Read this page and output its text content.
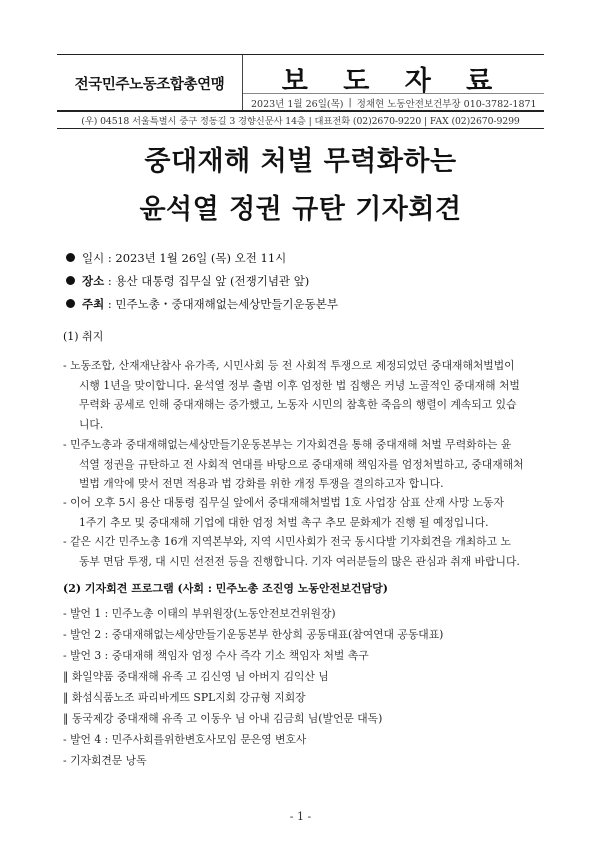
전국민주노동조합총연맹	보 도 자 료
2023년 1월 26일(목) | 정채현 노동안전보건부장 010-3782-1871
(우) 04518 서울특별시 중구 정동길 3 경향신문사 14층 | 대표전화 (02)2670-9220 | FAX (02)2670-9299
중대재해 처벌 무력화하는
윤석열 정권 규탄 기자회견
일시 : 2023년 1월 26일 (목) 오전 11시
장소 : 용산 대통령 집무실 앞 (전쟁기념관 앞)
주최 : 민주노총・중대재해없는세상만들기운동본부
(1) 취지
- 노동조합, 산재재난참사 유가족, 시민사회 등 전 사회적 투쟁으로 제정되었던 중대재해처벌법이
시행 1년을 맞이합니다. 윤석열 정부 출범 이후 엄정한 법 집행은 커녕 노골적인 중대재해 처벌
무력화 공세로 인해 중대재해는 증가했고, 노동자 시민의 참혹한 죽음의 행렬이 계속되고 있습
니다.
- 민주노총과 중대재해없는세상만들기운동본부는 기자회견을 통해 중대재해 처벌 무력화하는 윤
석열 정권을 규탄하고 전 사회적 연대를 바탕으로 중대재해 책임자를 엄정처벌하고, 중대재해처
벌법 개악에 맞서 전면 적용과 법 강화를 위한 개정 투쟁을 결의하고자 합니다.
- 이어 오후 5시 용산 대통령 집무실 앞에서 중대재해처벌법 1호 사업장 삼표 산재 사망 노동자
1주기 추모 및 중대재해 기업에 대한 엄정 처벌 촉구 추모 문화제가 진행 될 예정입니다.
- 같은 시간 민주노총 16개 지역본부와, 지역 시민사회가 전국 동시다발 기자회견을 개최하고 노
동부 면담 투쟁, 대 시민 선전전 등을 진행합니다. 기자 여러분들의 많은 관심과 취재 바랍니다.
(2) 기자회견 프로그램 (사회 : 민주노총 조진영 노동안전보건담당)
- 발언 1 : 민주노총 이태의 부위원장(노동안전보건위원장)
- 발언 2 : 중대재해없는세상만들기운동본부 한상희 공동대표(참여연대 공동대표)
- 발언 3 : 중대재해 책임자 엄정 수사 즉각 기소 책임자 처벌 촉구
‖ 화일약품 중대재해 유족 고 김신영 님 아버지 김익산 님
‖ 화섬식품노조 파리바게뜨 SPL지회 강규형 지회장
‖ 동국제강 중대재해 유족 고 이동우 님 아내 김금희 님(발언문 대독)
- 발언 4 : 민주사회를위한변호사모임 문은영 변호사
- 기자회견문 낭독
- 1 -
